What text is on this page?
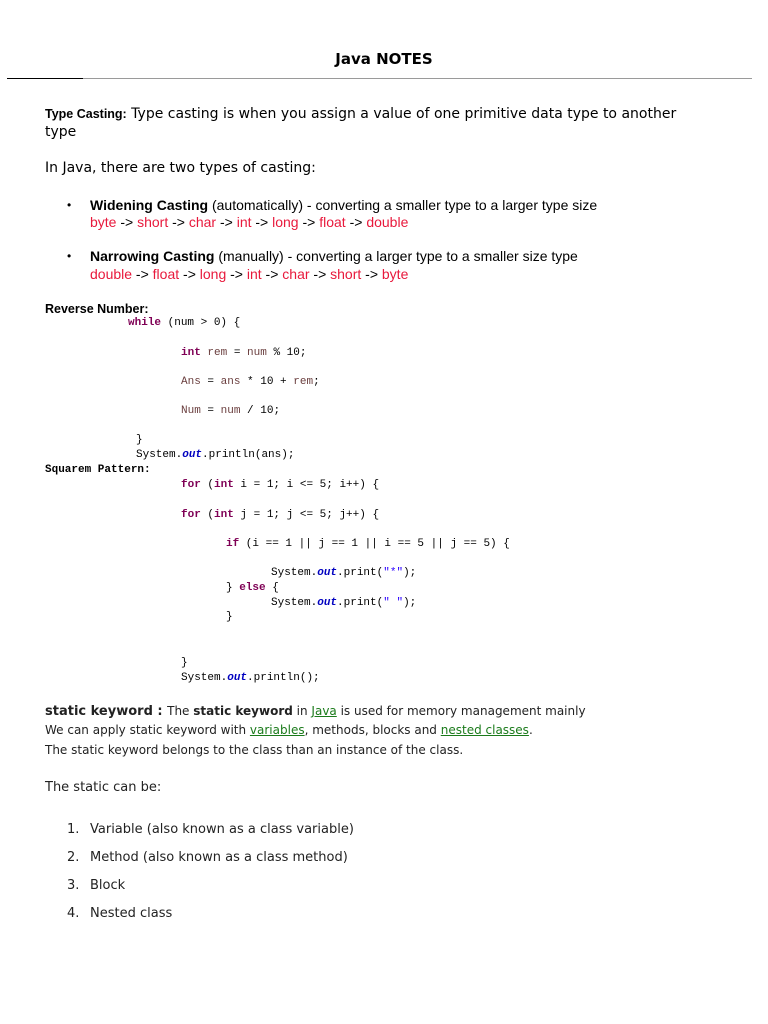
Java NOTES
Type Casting: Type casting is when you assign a value of one primitive data type to another
type
In Java, there are two types of casting:
• Widening Casting (automatically) - converting a smaller type to a larger type size
byte -> short -> char -> int -> long -> float -> double
• Narrowing Casting (manually) - converting a larger type to a smaller size type
double -> float -> long -> int -> char -> short -> byte
Reverse Number:
while (num > 0) {
int rem = num % 10;
Ans = ans * 10 + rem;
Num = num / 10;
}
System.out.println(ans);
Squarem Pattern:
for (int i = 1; i <= 5; i++) {
for (int j = 1; j <= 5; j++) {
if (i == 1 || j == 1 || i == 5 || j == 5) {
System.out.print("*");
} else {
System.out.print(" ");
}
}
System.out.println();
static keyword : The static keyword in Java is used for memory management mainly
We can apply static keyword with variables, methods, blocks and nested classes.
The static keyword belongs to the class than an instance of the class.
The static can be:
1. Variable (also known as a class variable)
2. Method (also known as a class method)
3. Block
4. Nested class
